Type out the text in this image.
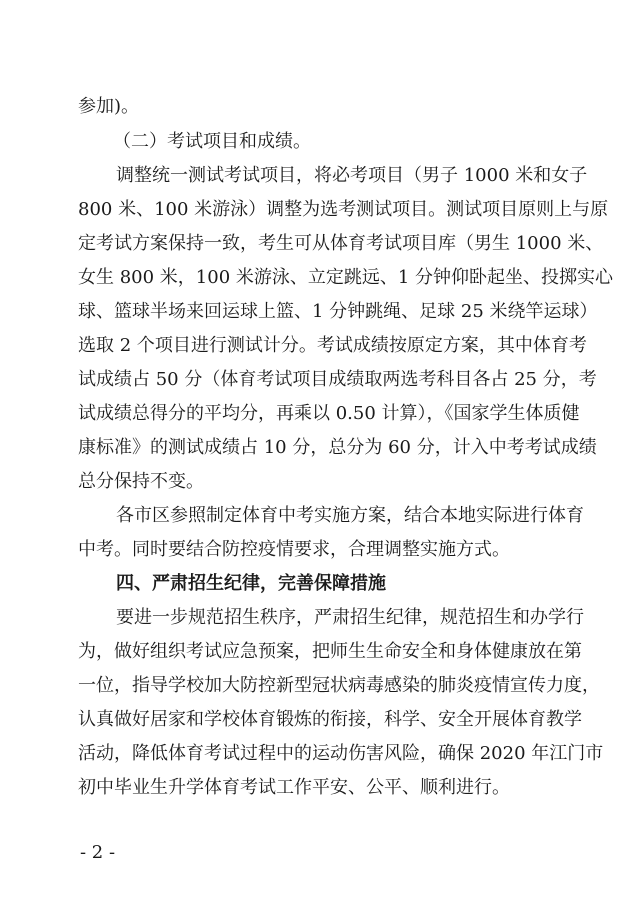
参加)。
（二）考试项目和成绩。
调整统一测试考试项目，将必考项目（男子 1000 米和女子
800 米、100 米游泳）调整为选考测试项目。测试项目原则上与原
定考试方案保持一致，考生可从体育考试项目库（男生 1000 米、
女生 800 米，100 米游泳、立定跳远、1 分钟仰卧起坐、投掷实心
球、篮球半场来回运球上篮、1 分钟跳绳、足球 25 米绕竿运球）
选取 2 个项目进行测试计分。考试成绩按原定方案，其中体育考
试成绩占 50 分（体育考试项目成绩取两选考科目各占 25 分，考
试成绩总得分的平均分，再乘以 0.50 计算），《国家学生体质健
康标准》的测试成绩占 10 分，总分为 60 分，计入中考考试成绩
总分保持不变。
各市区参照制定体育中考实施方案，结合本地实际进行体育
中考。同时要结合防控疫情要求，合理调整实施方式。
四、严肃招生纪律，完善保障措施
要进一步规范招生秩序，严肃招生纪律，规范招生和办学行
为，做好组织考试应急预案，把师生生命安全和身体健康放在第
一位，指导学校加大防控新型冠状病毒感染的肺炎疫情宣传力度，
认真做好居家和学校体育锻炼的衔接，科学、安全开展体育教学
活动，降低体育考试过程中的运动伤害风险，确保 2020 年江门市
初中毕业生升学体育考试工作平安、公平、顺利进行。
- 2 -
